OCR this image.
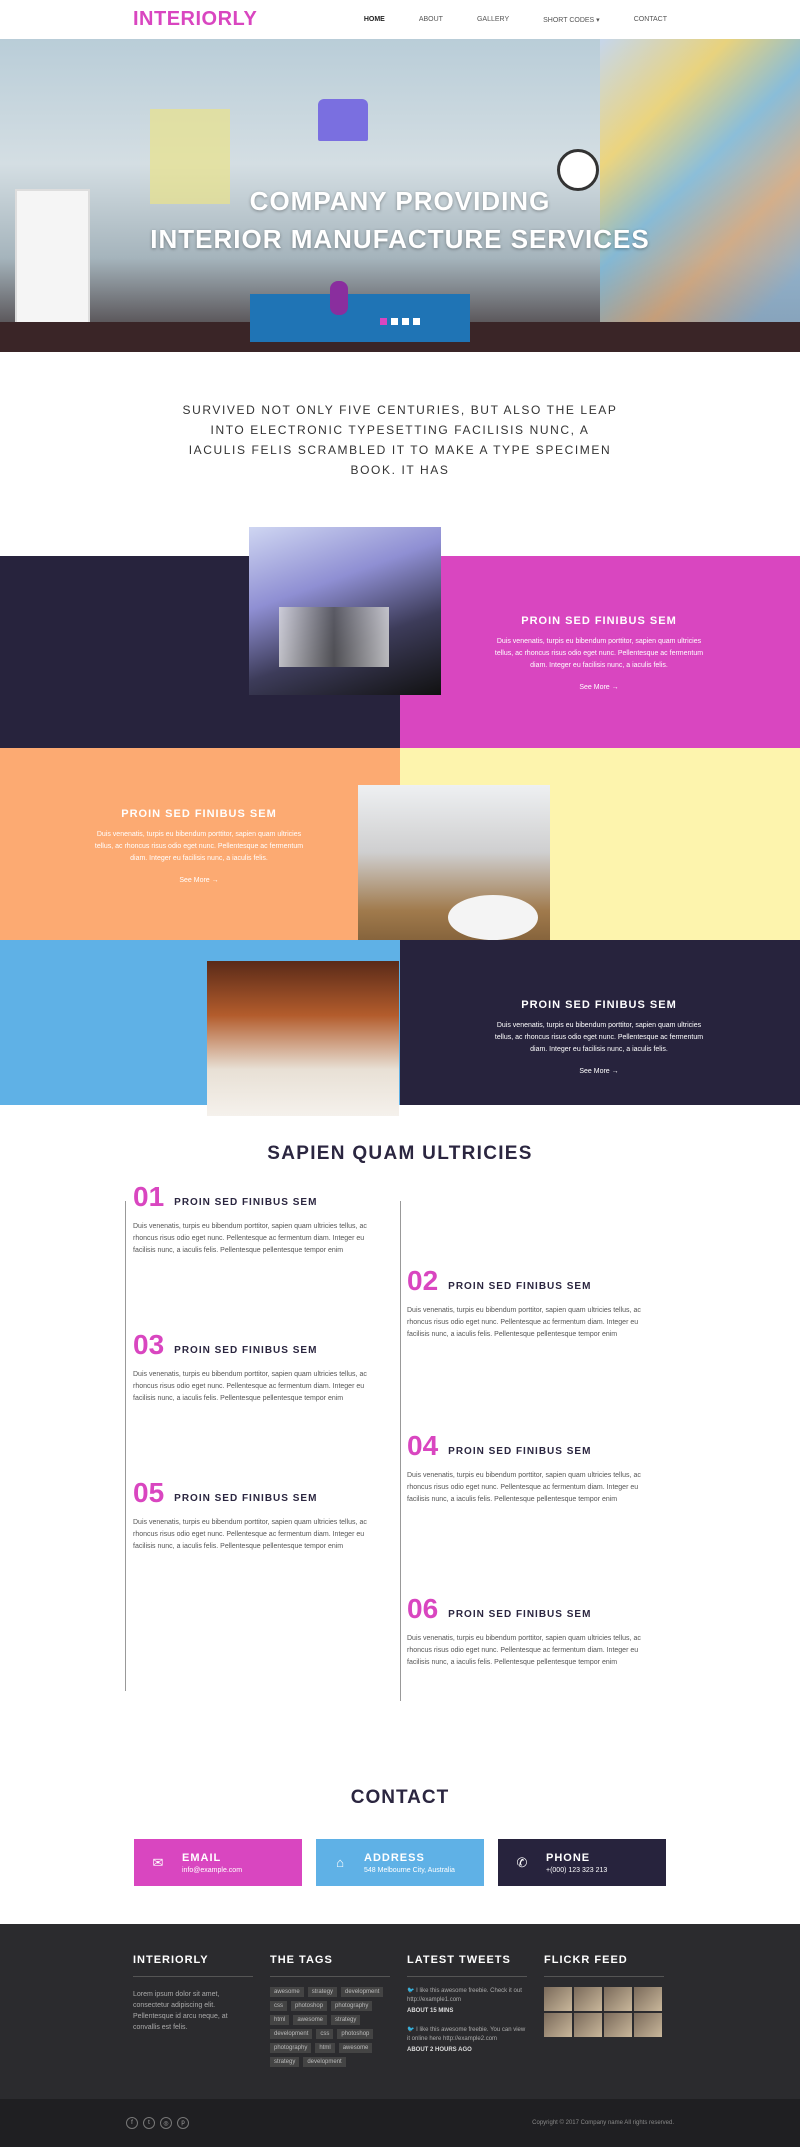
INTERIORLY	HOME	ABOUT	GALLERY	SHORT CODES ▾	CONTACT
COMPANY PROVIDING
INTERIOR MANUFACTURE SERVICES

SURVIVED NOT ONLY FIVE CENTURIES, BUT ALSO THE LEAP INTO ELECTRONIC TYPESETTING FACILISIS NUNC, A IACULIS FELIS SCRAMBLED IT TO MAKE A TYPE SPECIMEN BOOK. IT HAS

PROIN SED FINIBUS SEM
Duis venenatis, turpis eu bibendum porttitor, sapien quam ultricies tellus, ac rhoncus risus odio eget nunc. Pellentesque ac fermentum diam. Integer eu facilisis nunc, a iaculis felis.
See More →
PROIN SED FINIBUS SEM
Duis venenatis, turpis eu bibendum porttitor, sapien quam ultricies tellus, ac rhoncus risus odio eget nunc. Pellentesque ac fermentum diam. Integer eu facilisis nunc, a iaculis felis.
See More →
PROIN SED FINIBUS SEM
Duis venenatis, turpis eu bibendum porttitor, sapien quam ultricies tellus, ac rhoncus risus odio eget nunc. Pellentesque ac fermentum diam. Integer eu facilisis nunc, a iaculis felis.
See More →
SAPIEN QUAM ULTRICIES
01 PROIN SED FINIBUS SEM
Duis venenatis, turpis eu bibendum porttitor, sapien quam ultricies tellus, ac rhoncus risus odio eget nunc. Pellentesque ac fermentum diam. Integer eu facilisis nunc, a iaculis felis. Pellentesque pellentesque tempor enim
02 PROIN SED FINIBUS SEM
Duis venenatis, turpis eu bibendum porttitor, sapien quam ultricies tellus, ac rhoncus risus odio eget nunc. Pellentesque ac fermentum diam. Integer eu facilisis nunc, a iaculis felis. Pellentesque pellentesque tempor enim
03 PROIN SED FINIBUS SEM
Duis venenatis, turpis eu bibendum porttitor, sapien quam ultricies tellus, ac rhoncus risus odio eget nunc. Pellentesque ac fermentum diam. Integer eu facilisis nunc, a iaculis felis. Pellentesque pellentesque tempor enim
04 PROIN SED FINIBUS SEM
Duis venenatis, turpis eu bibendum porttitor, sapien quam ultricies tellus, ac rhoncus risus odio eget nunc. Pellentesque ac fermentum diam. Integer eu facilisis nunc, a iaculis felis. Pellentesque pellentesque tempor enim
05 PROIN SED FINIBUS SEM
Duis venenatis, turpis eu bibendum porttitor, sapien quam ultricies tellus, ac rhoncus risus odio eget nunc. Pellentesque ac fermentum diam. Integer eu facilisis nunc, a iaculis felis. Pellentesque pellentesque tempor enim
06 PROIN SED FINIBUS SEM
Duis venenatis, turpis eu bibendum porttitor, sapien quam ultricies tellus, ac rhoncus risus odio eget nunc. Pellentesque ac fermentum diam. Integer eu facilisis nunc, a iaculis felis. Pellentesque pellentesque tempor enim
CONTACT
✉	EMAIL
info@example.com	⌂	ADDRESS
548 Melbourne City, Australia
✆	PHONE
+(000) 123 323 213
INTERIORLY

Lorem ipsum dolor sit amet, consectetur adipiscing elit. Pellentesque id arcu neque, at convallis est felis.

THE TAGS
awesome	strategy	development
css	photoshop	photography
html	awesome	strategy
development	css	photoshop
photography	html	awesome
strategy	development
LATEST TWEETS
🐦 I like this awesome freebie. Check it out http://example1.com
ABOUT 15 MINS
🐦 I like this awesome freebie. You can view it online here http://example2.com
ABOUT 2 HOURS AGO
FLICKR FEED
f	t	◎	p	Copyright © 2017 Company name All rights reserved.
